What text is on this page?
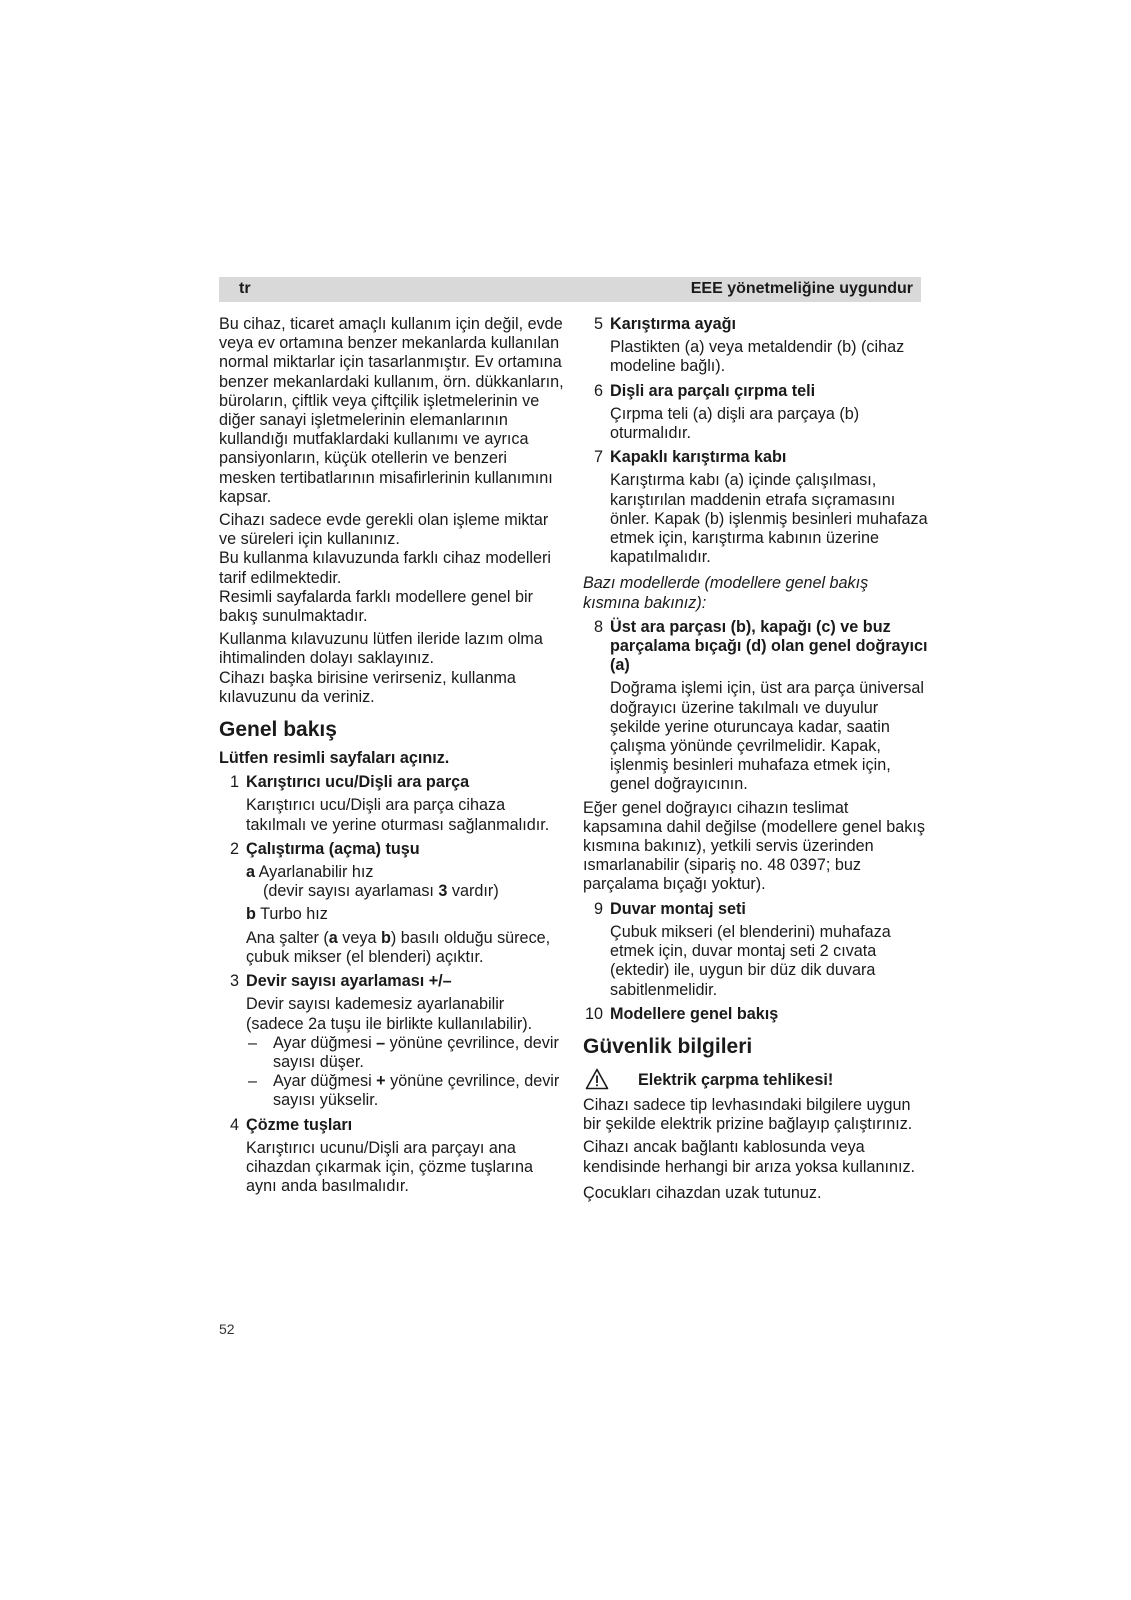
tr	EEE yönetmeliğine uygundur

Bu cihaz, ticaret amaçlı kullanım için değil, evde veya ev ortamına benzer mekanlarda kullanılan normal miktarlar için tasarlanmıştır. Ev ortamına benzer mekanlardaki kullanım, örn. dükkanların, büroların, çiftlik veya çiftçilik işletmelerinin ve diğer sanayi işletmelerinin elemanlarının kullandığı mutfaklardaki kullanımı ve ayrıca pansiyonların, küçük otellerin ve benzeri mesken tertibatlarının misafirlerinin kullanımını kapsar.

Cihazı sadece evde gerekli olan işleme miktar ve süreleri için kullanınız.

Bu kullanma kılavuzunda farklı cihaz modelleri tarif edilmektedir.

Resimli sayfalarda farklı modellere genel bir bakış sunulmaktadır.

Kullanma kılavuzunu lütfen ileride lazım olma ihtimalinden dolayı saklayınız.

Cihazı başka birisine verirseniz, kullanma kılavuzunu da veriniz.

Genel bakış

Lütfen resimli sayfaları açınız.

1 Karıştırıcı ucu/Dişli ara parça

Karıştırıcı ucu/Dişli ara parça cihaza takılmalı ve yerine oturması sağlanmalıdır.

2 Çalıştırma (açma) tuşu

a Ayarlanabilir hız

(devir sayısı ayarlaması 3 vardır)

b Turbo hız

Ana şalter (a veya b) basılı olduğu sürece, çubuk mikser (el blenderi) açıktır.

3 Devir sayısı ayarlaması +/–

Devir sayısı kademesiz ayarlanabilir (sadece 2a tuşu ile birlikte kullanılabilir).

– Ayar düğmesi – yönüne çevrilince, devir sayısı düşer.

– Ayar düğmesi + yönüne çevrilince, devir sayısı yükselir.

4 Çözme tuşları

Karıştırıcı ucunu/Dişli ara parçayı ana cihazdan çıkarmak için, çözme tuşlarına aynı anda basılmalıdır.

5 Karıştırma ayağı

Plastikten (a) veya metaldendir (b) (cihaz modeline bağlı).

6 Dişli ara parçalı çırpma teli

Çırpma teli (a) dişli ara parçaya (b) oturmalıdır.

7 Kapaklı karıştırma kabı

Karıştırma kabı (a) içinde çalışılması, karıştırılan maddenin etrafa sıçramasını önler. Kapak (b) işlenmiş besinleri muhafaza etmek için, karıştırma kabının üzerine kapatılmalıdır.

Bazı modellerde (modellere genel bakış kısmına bakınız):

8 Üst ara parçası (b), kapağı (c) ve buz parçalama bıçağı (d) olan genel doğrayıcı (a)

Doğrama işlemi için, üst ara parça üniversal doğrayıcı üzerine takılmalı ve duyulur şekilde yerine oturuncaya kadar, saatin çalışma yönünde çevrilmelidir. Kapak, işlenmiş besinleri muhafaza etmek için, genel doğrayıcının.

Eğer genel doğrayıcı cihazın teslimat kapsamına dahil değilse (modellere genel bakış kısmına bakınız), yetkili servis üzerinden ısmarlanabilir (sipariş no. 48 0397; buz parçalama bıçağı yoktur).

9 Duvar montaj seti

Çubuk mikseri (el blenderini) muhafaza etmek için, duvar montaj seti 2 cıvata (ektedir) ile, uygun bir düz dik duvara sabitlenmelidir.

10 Modellere genel bakış

Güvenlik bilgileri
Elektrik çarpma tehlikesi!

Cihazı sadece tip levhasındaki bilgilere uygun bir şekilde elektrik prizine bağlayıp çalıştırınız.

Cihazı ancak bağlantı kablosunda veya kendisinde herhangi bir arıza yoksa kullanınız.

Çocukları cihazdan uzak tutunuz.

52
